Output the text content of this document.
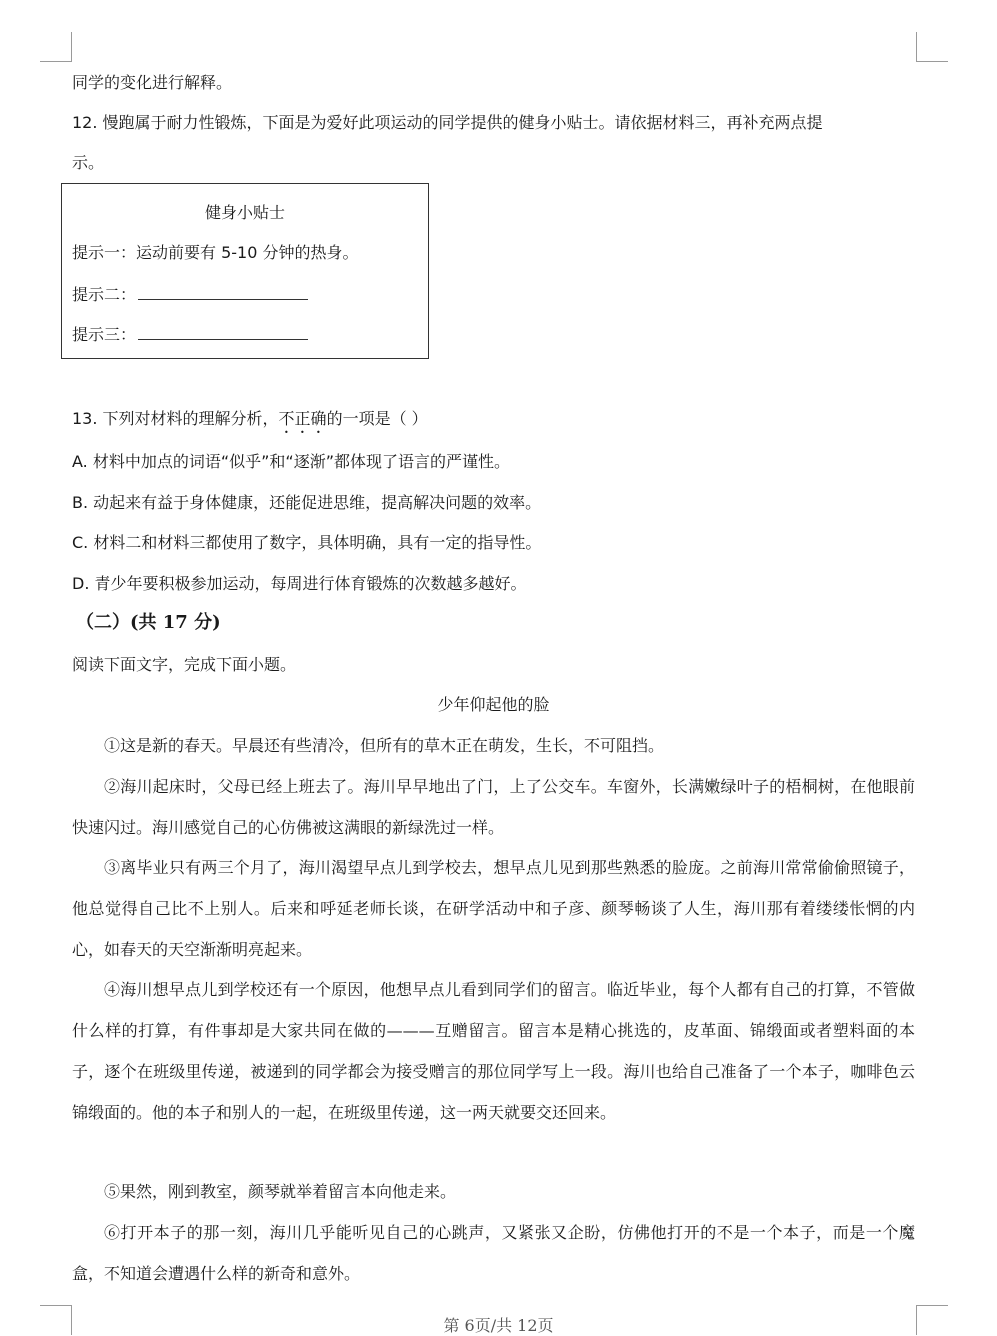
同学的变化进行解释。
12. 慢跑属于耐力性锻炼，下面是为爱好此项运动的同学提供的健身小贴士。请依据材料三，再补充两点提
示。
健身小贴士
提示一：运动前要有 5-10 分钟的热身。
提示二：
提示三：
13. 下列对材料的理解分析，不正确的一项是（ ）
A. 材料中加点的词语“似乎”和“逐渐”都体现了语言的严谨性。
B. 动起来有益于身体健康，还能促进思维，提高解决问题的效率。
C. 材料二和材料三都使用了数字，具体明确，具有一定的指导性。
D. 青少年要积极参加运动，每周进行体育锻炼的次数越多越好。
（二）(共 17 分)
阅读下面文字，完成下面小题。
少年仰起他的脸
①这是新的春天。早晨还有些清冷，但所有的草木正在萌发，生长，不可阻挡。
②海川起床时，父母已经上班去了。海川早早地出了门，上了公交车。车窗外，长满嫩绿叶子的梧桐树，在他眼前快速闪过。海川感觉自己的心仿佛被这满眼的新绿洗过一样。
③离毕业只有两三个月了，海川渴望早点儿到学校去，想早点儿见到那些熟悉的脸庞。之前海川常常偷偷照镜子，他总觉得自己比不上别人。后来和呼延老师长谈，在研学活动中和子彦、颜琴畅谈了人生，海川那有着缕缕怅惘的内心，如春天的天空渐渐明亮起来。
④海川想早点儿到学校还有一个原因，他想早点儿看到同学们的留言。临近毕业，每个人都有自己的打算，不管做什么样的打算，有件事却是大家共同在做的———互赠留言。留言本是精心挑选的，皮革面、锦缎面或者塑料面的本子，逐个在班级里传递，被递到的同学都会为接受赠言的那位同学写上一段。海川也给自己准备了一个本子，咖啡色云锦缎面的。他的本子和别人的一起，在班级里传递，这一两天就要交还回来。
⑤果然，刚到教室，颜琴就举着留言本向他走来。
⑥打开本子的那一刻，海川几乎能听见自己的心跳声，又紧张又企盼，仿佛他打开的不是一个本子，而是一个魔盒，不知道会遭遇什么样的新奇和意外。
第 6页/共 12页
